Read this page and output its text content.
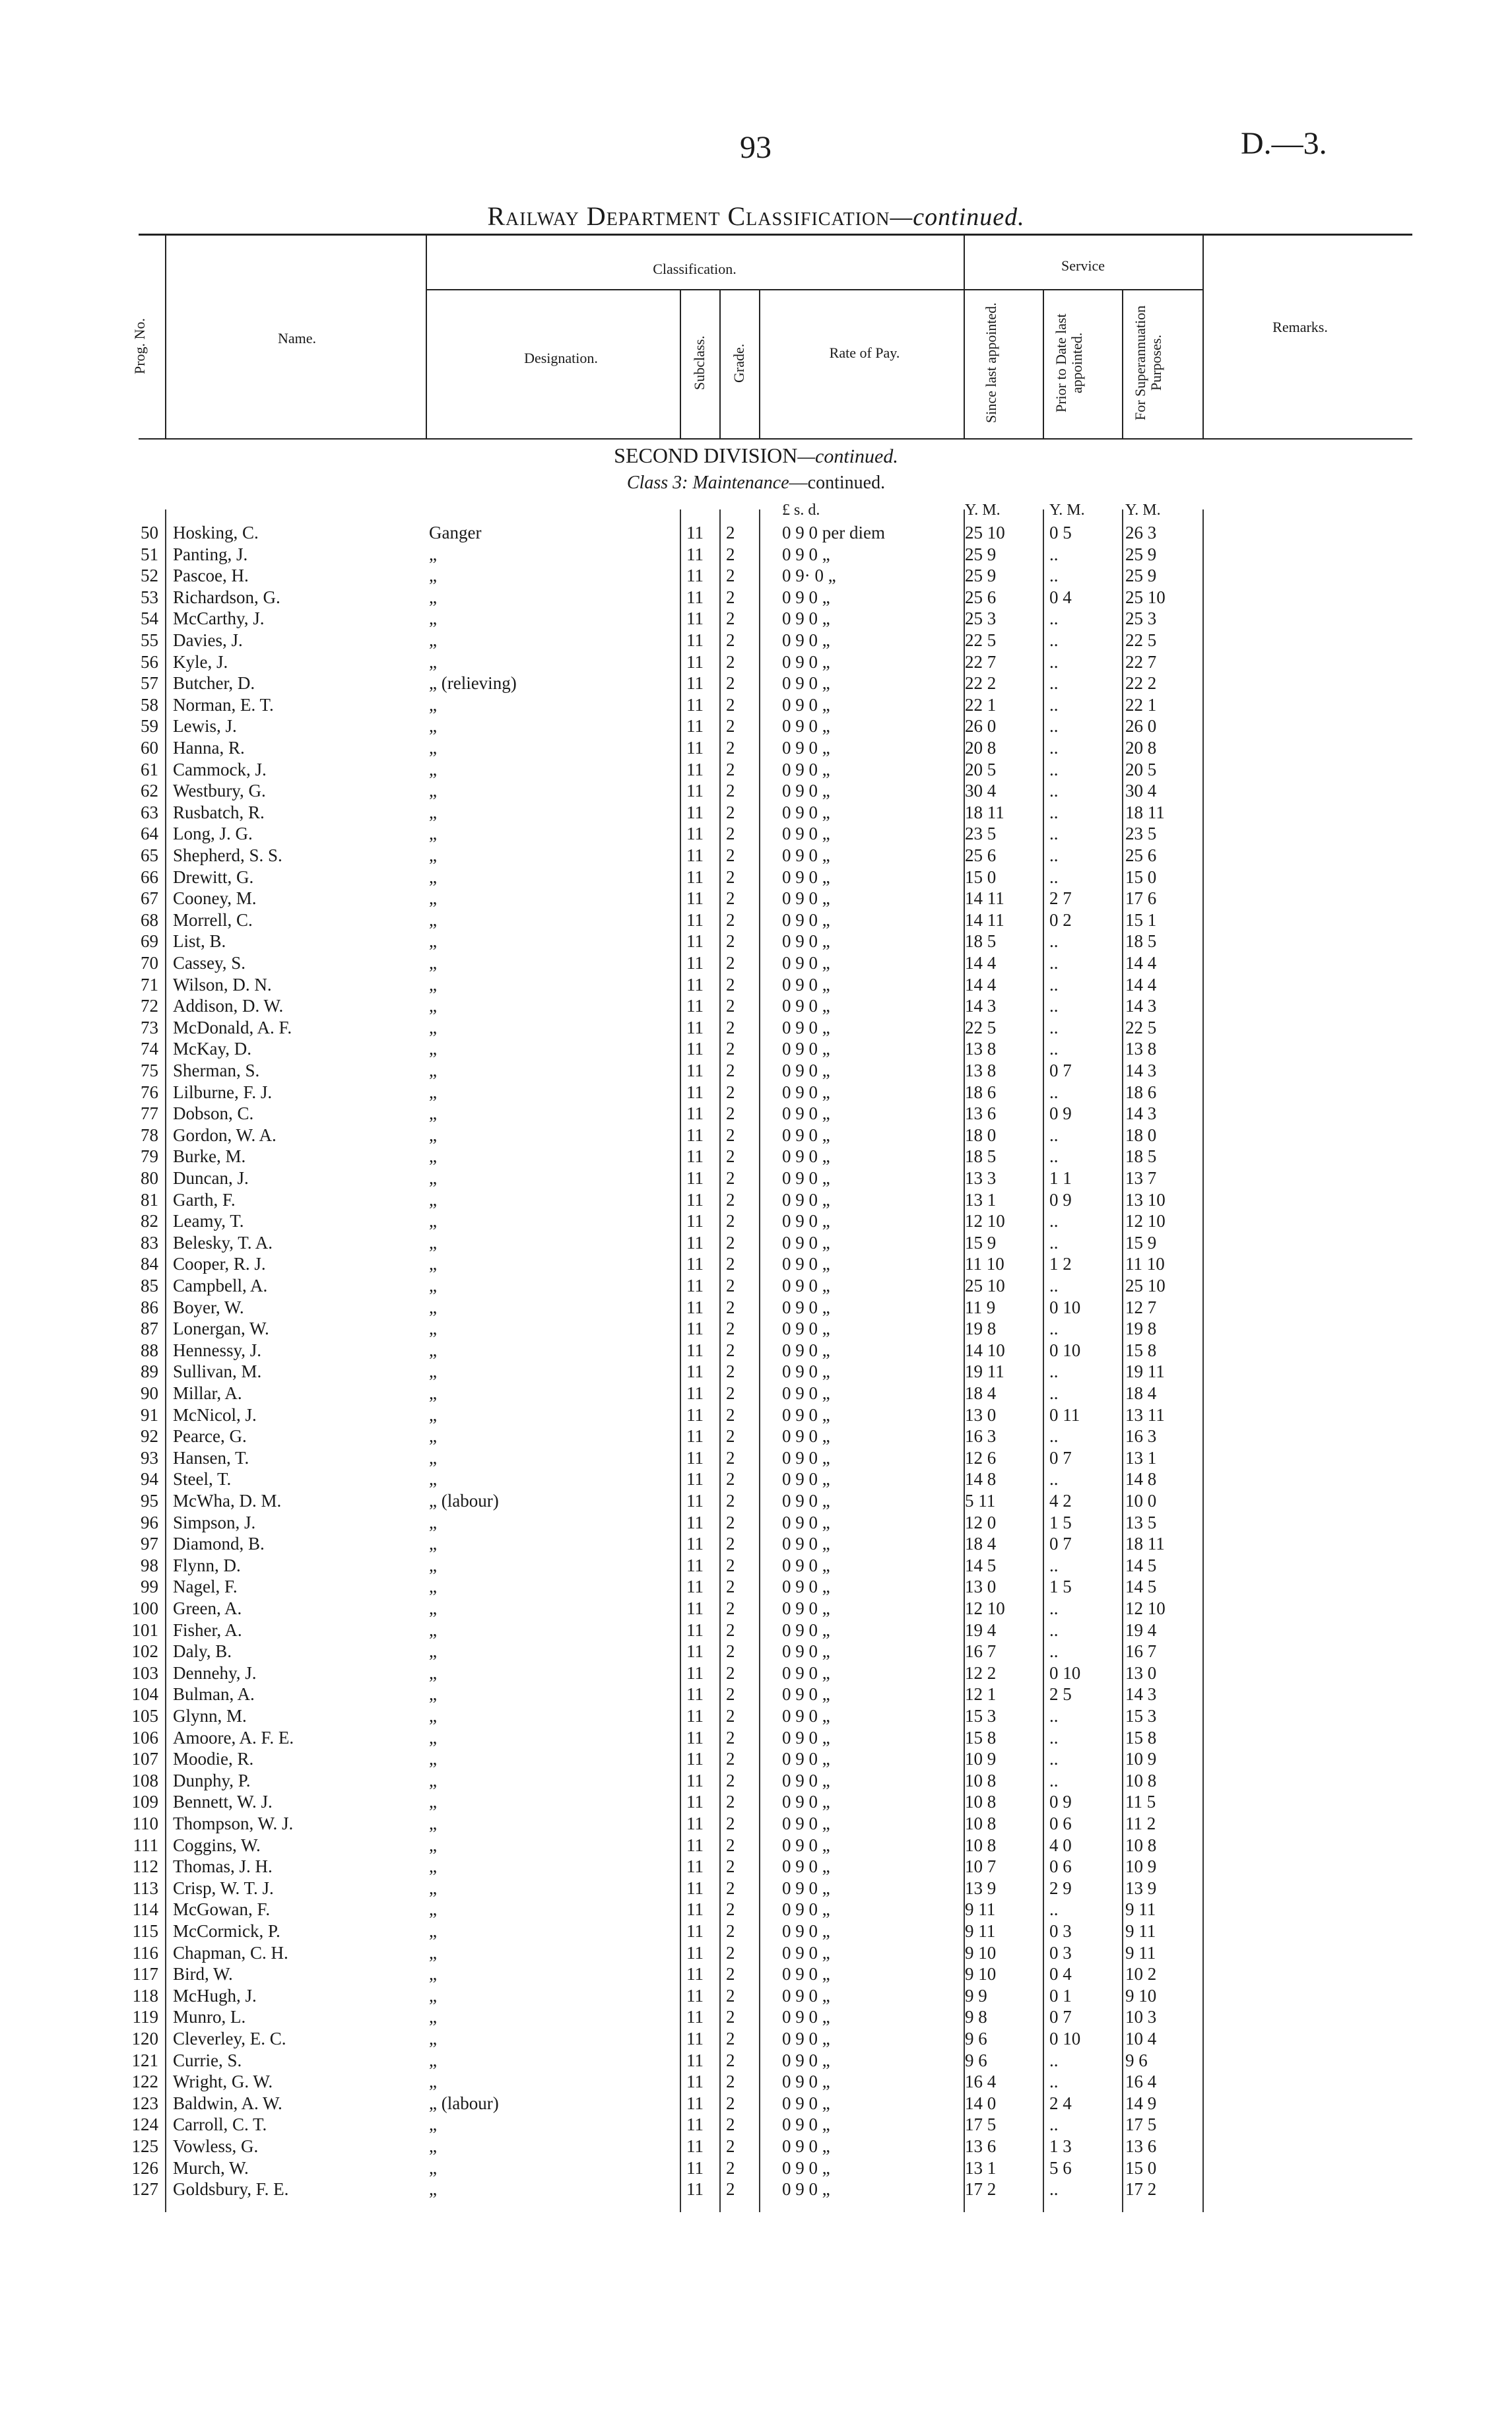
93	D.—3.
Railway Department Classification—continued.
Prog. No.	Name.
Classification.
Designation.	Subclass. Grade.	Rate of Pay.
Service
Since last appointed.	Prior to Date last appointed.	For Superannuation Purposes.
Remarks.
SECOND DIVISION—continued.
Class 3: Maintenance—continued.
£ s. d.	Y. M.	Y. M.	Y. M.
50 Hosking, C.	Ganger	11 2	0 9 0 per diem	25 10	0 5	26 3
51 Panting, J.	„	11 2	0 9 0 „	25 9	..	25 9
52 Pascoe, H.	„	11 2	0 9· 0 „	25 9	..	25 9
53 Richardson, G.	„	11 2	0 9 0 „	25 6	0 4	25 10
54 McCarthy, J.	„	11 2	0 9 0 „	25 3	..	25 3
55 Davies, J.	„	11 2	0 9 0 „	22 5	..	22 5
56 Kyle, J.	„	11 2	0 9 0 „	22 7	..	22 7
57 Butcher, D.	„ (relieving)	11 2	0 9 0 „	22 2	..	22 2
58 Norman, E. T.	„	11 2	0 9 0 „	22 1	..	22 1
59 Lewis, J.	„	11 2	0 9 0 „	26 0	..	26 0
60 Hanna, R.	„	11 2	0 9 0 „	20 8	..	20 8
61 Cammock, J.	„	11 2	0 9 0 „	20 5	..	20 5
62 Westbury, G.	„	11 2	0 9 0 „	30 4	..	30 4
63 Rusbatch, R.	„	11 2	0 9 0 „	18 11	..	18 11
64 Long, J. G.	„	11 2	0 9 0 „	23 5	..	23 5
65 Shepherd, S. S.	„	11 2	0 9 0 „	25 6	..	25 6
66 Drewitt, G.	„	11 2	0 9 0 „	15 0	..	15 0
67 Cooney, M.	„	11 2	0 9 0 „	14 11	2 7	17 6
68 Morrell, C.	„	11 2	0 9 0 „	14 11	0 2	15 1
69 List, B.	„	11 2	0 9 0 „	18 5	..	18 5
70 Cassey, S.	„	11 2	0 9 0 „	14 4	..	14 4
71 Wilson, D. N.	„	11 2	0 9 0 „	14 4	..	14 4
72 Addison, D. W.	„	11 2	0 9 0 „	14 3	..	14 3
73 McDonald, A. F.	„	11 2	0 9 0 „	22 5	..	22 5
74 McKay, D.	„	11 2	0 9 0 „	13 8	..	13 8
75 Sherman, S.	„	11 2	0 9 0 „	13 8	0 7	14 3
76 Lilburne, F. J.	„	11 2	0 9 0 „	18 6	..	18 6
77 Dobson, C.	„	11 2	0 9 0 „	13 6	0 9	14 3
78 Gordon, W. A.	„	11 2	0 9 0 „	18 0	..	18 0
79 Burke, M.	„	11 2	0 9 0 „	18 5	..	18 5
80 Duncan, J.	„	11 2	0 9 0 „	13 3	1 1	13 7
81 Garth, F.	„	11 2	0 9 0 „	13 1	0 9	13 10
82 Leamy, T.	„	11 2	0 9 0 „	12 10	..	12 10
83 Belesky, T. A.	„	11 2	0 9 0 „	15 9	..	15 9
84 Cooper, R. J.	„	11 2	0 9 0 „	11 10	1 2	11 10
85 Campbell, A.	„	11 2	0 9 0 „	25 10	..	25 10
86 Boyer, W.	„	11 2	0 9 0 „	11 9	0 10	12 7
87 Lonergan, W.	„	11 2	0 9 0 „	19 8	..	19 8
88 Hennessy, J.	„	11 2	0 9 0 „	14 10	0 10	15 8
89 Sullivan, M.	„	11 2	0 9 0 „	19 11	..	19 11
90 Millar, A.	„	11 2	0 9 0 „	18 4	..	18 4
91 McNicol, J.	„	11 2	0 9 0 „	13 0	0 11	13 11
92 Pearce, G.	„	11 2	0 9 0 „	16 3	..	16 3
93 Hansen, T.	„	11 2	0 9 0 „	12 6	0 7	13 1
94 Steel, T.	„	11 2	0 9 0 „	14 8	..	14 8
95 McWha, D. M.	„ (labour)	11 2	0 9 0 „	5 11	4 2	10 0
96 Simpson, J.	„	11 2	0 9 0 „	12 0	1 5	13 5
97 Diamond, B.	„	11 2	0 9 0 „	18 4	0 7	18 11
98 Flynn, D.	„	11 2	0 9 0 „	14 5	..	14 5
99 Nagel, F.	„	11 2	0 9 0 „	13 0	1 5	14 5
100 Green, A.	„	11 2	0 9 0 „	12 10	..	12 10
101 Fisher, A.	„	11 2	0 9 0 „	19 4	..	19 4
102 Daly, B.	„	11 2	0 9 0 „	16 7	..	16 7
103 Dennehy, J.	„	11 2	0 9 0 „	12 2	0 10	13 0
104 Bulman, A.	„	11 2	0 9 0 „	12 1	2 5	14 3
105 Glynn, M.	„	11 2	0 9 0 „	15 3	..	15 3
106 Amoore, A. F. E.	„	11 2	0 9 0 „	15 8	..	15 8
107 Moodie, R.	„	11 2	0 9 0 „	10 9	..	10 9
108 Dunphy, P.	„	11 2	0 9 0 „	10 8	..	10 8
109 Bennett, W. J.	„	11 2	0 9 0 „	10 8	0 9	11 5
110 Thompson, W. J.	„	11 2	0 9 0 „	10 8	0 6	11 2
111 Coggins, W.	„	11 2	0 9 0 „	10 8	4 0	10 8
112 Thomas, J. H.	„	11 2	0 9 0 „	10 7	0 6	10 9
113 Crisp, W. T. J.	„	11 2	0 9 0 „	13 9	2 9	13 9
114 McGowan, F.	„	11 2	0 9 0 „	9 11	..	9 11
115 McCormick, P.	„	11 2	0 9 0 „	9 11	0 3	9 11
116 Chapman, C. H.	„	11 2	0 9 0 „	9 10	0 3	9 11
117 Bird, W.	„	11 2	0 9 0 „	9 10	0 4	10 2
118 McHugh, J.	„	11 2	0 9 0 „	9 9	0 1	9 10
119 Munro, L.	„	11 2	0 9 0 „	9 8	0 7	10 3
120 Cleverley, E. C.	„	11 2	0 9 0 „	9 6	0 10	10 4
121 Currie, S.	„	11 2	0 9 0 „	9 6	..	9 6
122 Wright, G. W.	„	11 2	0 9 0 „	16 4	..	16 4
123 Baldwin, A. W.	„ (labour)	11 2	0 9 0 „	14 0	2 4	14 9
124 Carroll, C. T.	„	11 2	0 9 0 „	17 5	..	17 5
125 Vowless, G.	„	11 2	0 9 0 „	13 6	1 3	13 6
126 Murch, W.	„	11 2	0 9 0 „	13 1	5 6	15 0
127 Goldsbury, F. E.	„	11 2	0 9 0 „	17 2	..	17 2
